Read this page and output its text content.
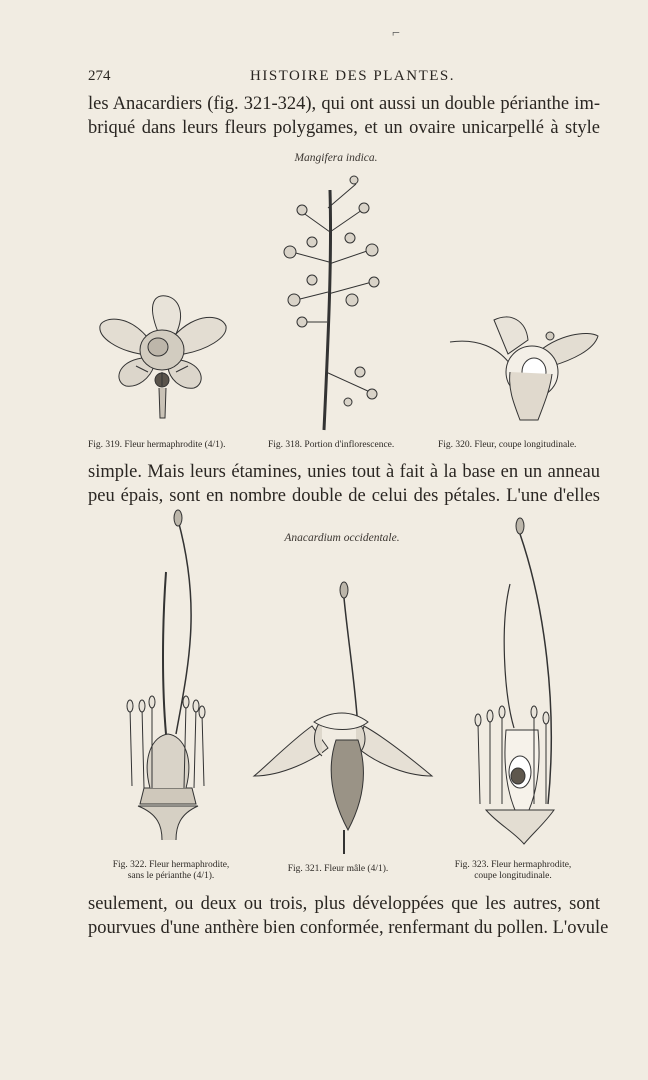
⌐
274	HISTOIRE DES PLANTES.

les Anacardiers (fig. 321-324), qui ont aussi un double périanthe im-
briqué dans leurs fleurs polygames, et un ovaire unicarpellé à style

Mangifera indica.
Fig. 319. Fleur hermaphrodite (4/1).	Fig. 318. Portion d'inflorescence.	Fig. 320. Fleur, coupe longitudinale.

simple. Mais leurs étamines, unies tout à fait à la base en un anneau
peu épais, sont en nombre double de celui des pétales. L'une d'elles

Anacardium occidentale.
Fig. 322. Fleur hermaphrodite,
sans le périanthe (4/1).
Fig. 321. Fleur mâle (4/1).	Fig. 323. Fleur hermaphrodite,
coupe longitudinale.

seulement, ou deux ou trois, plus développées que les autres, sont
pourvues d'une anthère bien conformée, renfermant du pollen. L'ovule
